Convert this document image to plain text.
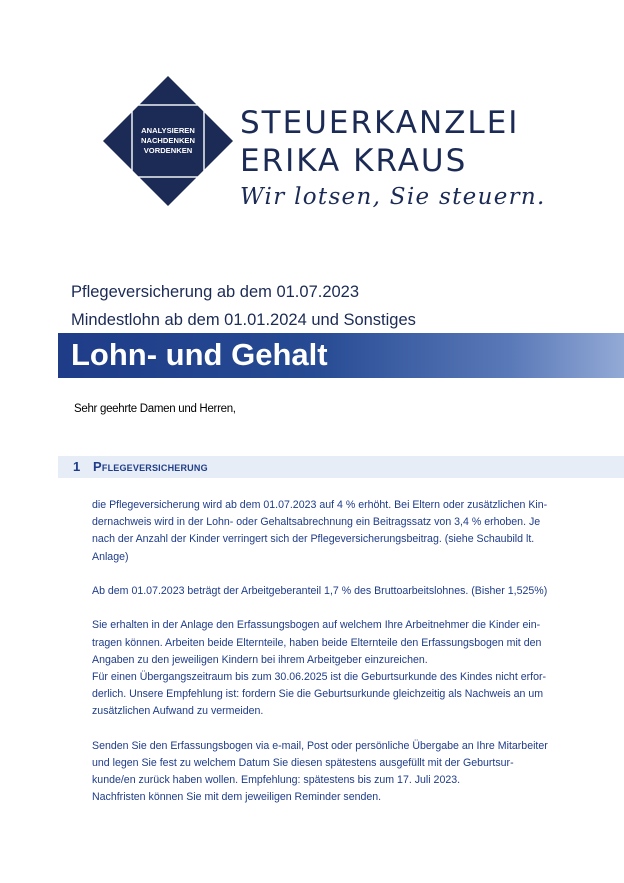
ANALYSIEREN
NACHDENKEN
VORDENKEN
STEUERKANZLEI
ERIKA KRAUS
Wir lotsen, Sie steuern.
Pflegeversicherung ab dem 01.07.2023
Mindestlohn ab dem 01.01.2024 und Sonstiges
Lohn- und Gehalt
Sehr geehrte Damen und Herren,
1 Pflegeversicherung
die Pflegeversicherung wird ab dem 01.07.2023 auf 4 % erhöht. Bei Eltern oder zusätzlichen Kin-
dernachweis wird in der Lohn- oder Gehaltsabrechnung ein Beitragssatz von 3,4 % erhoben. Je
nach der Anzahl der Kinder verringert sich der Pflegeversicherungsbeitrag. (siehe Schaubild lt.
Anlage)
Ab dem 01.07.2023 beträgt der Arbeitgeberanteil 1,7 % des Bruttoarbeitslohnes. (Bisher 1,525%)
Sie erhalten in der Anlage den Erfassungsbogen auf welchem Ihre Arbeitnehmer die Kinder ein-
tragen können. Arbeiten beide Elternteile, haben beide Elternteile den Erfassungsbogen mit den
Angaben zu den jeweiligen Kindern bei ihrem Arbeitgeber einzureichen.
Für einen Übergangszeitraum bis zum 30.06.2025 ist die Geburtsurkunde des Kindes nicht erfor-
derlich. Unsere Empfehlung ist: fordern Sie die Geburtsurkunde gleichzeitig als Nachweis an um
zusätzlichen Aufwand zu vermeiden.
Senden Sie den Erfassungsbogen via e-mail, Post oder persönliche Übergabe an Ihre Mitarbeiter
und legen Sie fest zu welchem Datum Sie diesen spätestens ausgefüllt mit der Geburtsur-
kunde/en zurück haben wollen. Empfehlung: spätestens bis zum 17. Juli 2023.
Nachfristen können Sie mit dem jeweiligen Reminder senden.
